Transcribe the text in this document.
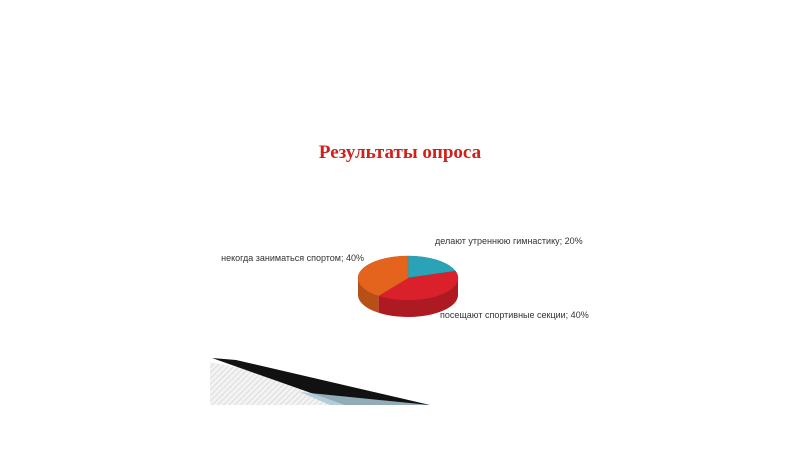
Результаты опроса
делают утреннюю гимнастику; 20%
посещают спортивные секции; 40%
некогда заниматься спортом; 40%
